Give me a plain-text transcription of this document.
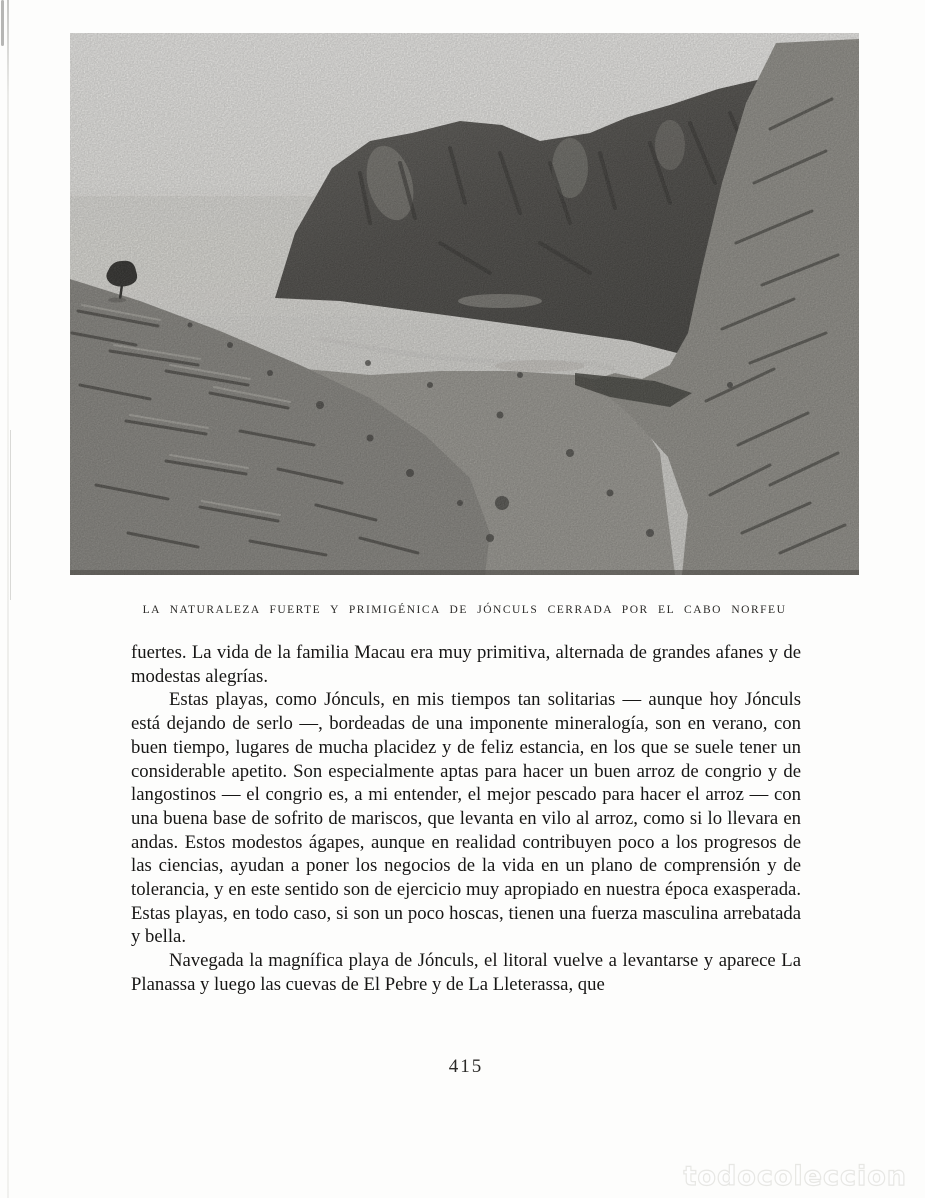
LA NATURALEZA FUERTE Y PRIMIGÉNICA DE JÓNCULS CERRADA POR EL CABO NORFEU

fuertes. La vida de la familia Macau era muy primitiva, alternada de grandes afanes y de modestas alegrías.

Estas playas, como Jónculs, en mis tiempos tan solitarias — aunque hoy Jónculs está dejando de serlo —, bordeadas de una imponente mineralogía, son en verano, con buen tiempo, lugares de mucha placidez y de feliz estancia, en los que se suele tener un considerable apetito. Son especialmente aptas para hacer un buen arroz de congrio y de langostinos — el congrio es, a mi entender, el mejor pescado para hacer el arroz — con una buena base de sofrito de mariscos, que levanta en vilo al arroz, como si lo llevara en andas. Estos modestos ágapes, aunque en realidad contribuyen poco a los progresos de las ciencias, ayudan a poner los negocios de la vida en un plano de comprensión y de tolerancia, y en este sentido son de ejercicio muy apropiado en nuestra época exasperada. Estas playas, en todo caso, si son un poco hoscas, tienen una fuerza masculina arrebatada y bella.

Navegada la magnífica playa de Jónculs, el litoral vuelve a levantarse y aparece La Planassa y luego las cuevas de El Pebre y de La Lleterassa, que

415

todocoleccion
